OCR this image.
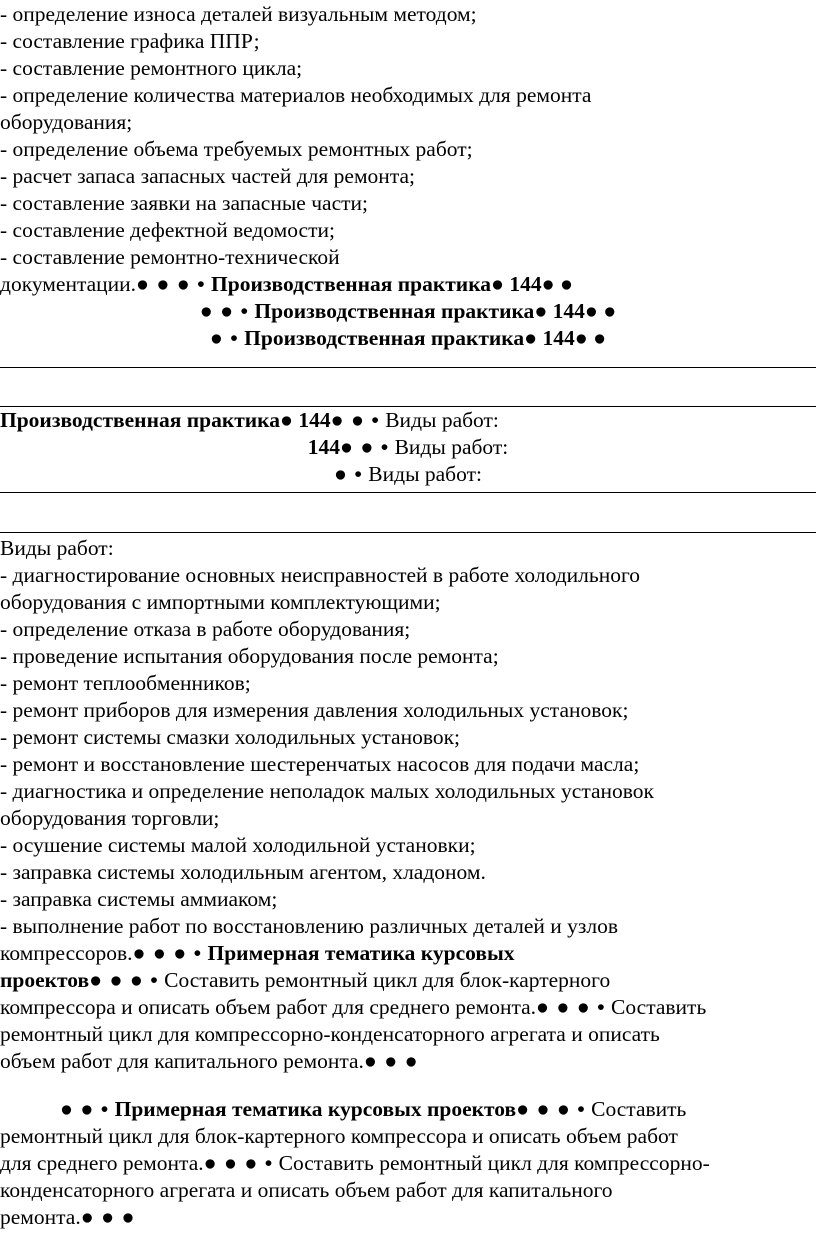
- определение износа деталей визуальным методом;
- составление графика ППР;
- составление ремонтного цикла;
- определение количества материалов необходимых для ремонта
оборудования;
- определение объема требуемых ремонтных работ;
- расчет запаса запасных частей для ремонта;
- составление заявки на запасные части;
- составление дефектной ведомости;
- составление ремонтно-технической
документации.● ● ● • Производственная практика● 144● ●
● ● • Производственная практика● 144● ●
● • Производственная практика● 144● ●
Производственная практика● 144● ● • Виды работ:
144● ● • Виды работ:
● • Виды работ:
Виды работ:
- диагностирование основных неисправностей в работе холодильного
оборудования с импортными комплектующими;
- определение отказа в работе оборудования;
- проведение испытания оборудования после ремонта;
- ремонт теплообменников;
- ремонт приборов для измерения давления холодильных установок;
- ремонт системы смазки холодильных установок;
- ремонт и восстановление шестеренчатых насосов для подачи масла;
- диагностика и определение неполадок малых холодильных установок
оборудования торговли;
- осушение системы малой холодильной установки;
- заправка системы холодильным агентом, хладоном.
- заправка системы аммиаком;
- выполнение работ по восстановлению различных деталей и узлов
компрессоров.● ● ● • Примерная тематика курсовых
проектов● ● ● • Составить ремонтный цикл для блок-картерного
компрессора и описать объем работ для среднего ремонта.● ● ● • Составить
ремонтный цикл для компрессорно-конденсаторного агрегата и описать
объем работ для капитального ремонта.● ● ●
● ● • Примерная тематика курсовых проектов● ● ● • Составить
ремонтный цикл для блок-картерного компрессора и описать объем работ
для среднего ремонта.● ● ● • Составить ремонтный цикл для компрессорно-
конденсаторного агрегата и описать объем работ для капитального
ремонта.● ● ●
